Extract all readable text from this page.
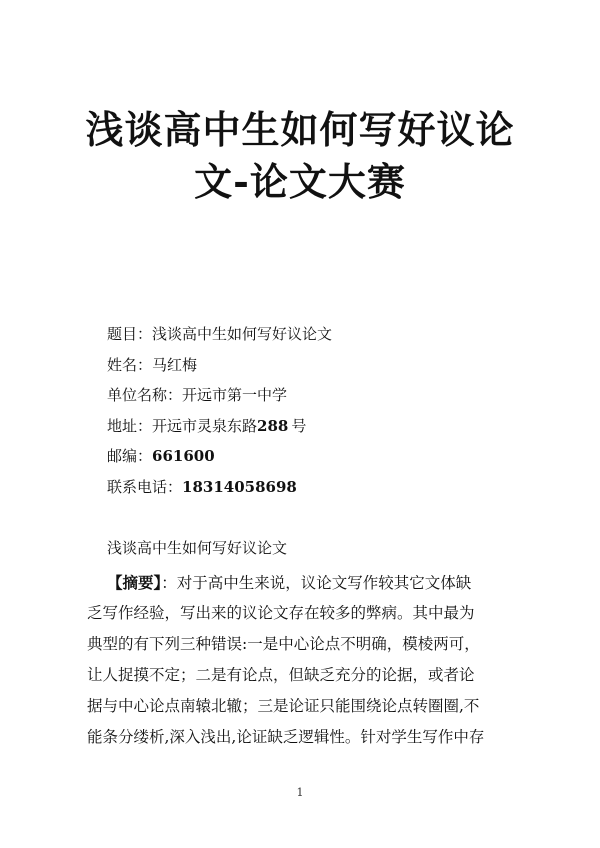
浅谈高中生如何写好议论
文-论文大赛
题目：浅谈高中生如何写好议论文
姓名：马红梅
单位名称：开远市第一中学
地址：开远市灵泉东路288 号
邮编：661600
联系电话：18314058698
浅谈高中生如何写好议论文
【摘要】：对于高中生来说，议论文写作较其它文体缺
乏写作经验，写出来的议论文存在较多的弊病。其中最为
典型的有下列三种错误:一是中心论点不明确，模棱两可，
让人捉摸不定；二是有论点，但缺乏充分的论据，或者论
据与中心论点南辕北辙；三是论证只能围绕论点转圈圈,不
能条分缕析,深入浅出,论证缺乏逻辑性。针对学生写作中存
1
